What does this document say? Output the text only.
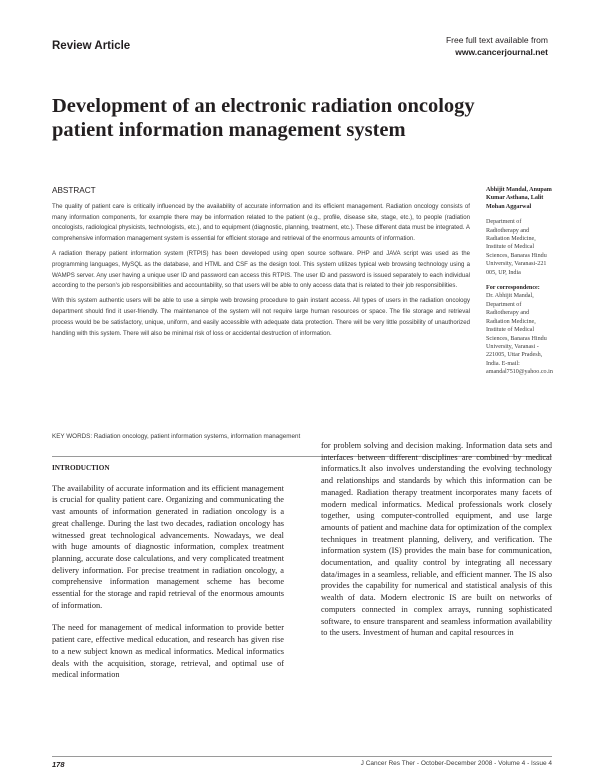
Review Article	Free full text available from
www.cancerjournal.net
Development of an electronic radiation oncology patient information management system
ABSTRACT

The quality of patient care is critically influenced by the availability of accurate information and its efficient management. Radiation oncology consists of many information components, for example there may be information related to the patient (e.g., profile, disease site, stage, etc.), to people (radiation oncologists, radiological physicists, technologists, etc.), and to equipment (diagnostic, planning, treatment, etc.). These different data must be integrated. A comprehensive information management system is essential for efficient storage and retrieval of the enormous amounts of information.

A radiation therapy patient information system (RTPIS) has been developed using open source software. PHP and JAVA script was used as the programming languages, MySQL as the database, and HTML and CSF as the design tool. This system utilizes typical web browsing technology using a WAMPS server. Any user having a unique user ID and password can access this RTPIS. The user ID and password is issued separately to each individual according to the person's job responsibilities and accountability, so that users will be able to only access data that is related to their job responsibilities.

With this system authentic users will be able to use a simple web browsing procedure to gain instant access. All types of users in the radiation oncology department should find it user-friendly. The maintenance of the system will not require large human resources or space. The file storage and retrieval process would be be satisfactory, unique, uniform, and easily accessible with adequate data protection. There will be very little possibility of unauthorized handling with this system. There will also be minimal risk of loss or accidental destruction of information.

Abhijit Mandal, Anupam Kumar Asthana, Lalit Mohan Aggarwal
Department of Radiotherapy and Radiation Medicine, Institute of Medical Sciences, Banaras Hindu University, Varanasi-221 005, UP, India
For correspondence:
Dr. Abhijit Mandal, Department of Radiotherapy and Radiation Medicine, Institute of Medical Sciences, Banaras Hindu University, Varanasi - 221005, Uttar Pradesh, India. E-mail: amandal7510@yahoo.co.in
KEY WORDS: Radiation oncology, patient information systems, information management
INTRODUCTION

The availability of accurate information and its efficient management is crucial for quality patient care. Organizing and communicating the vast amounts of information generated in radiation oncology is a great challenge. During the last two decades, radiation oncology has witnessed great technological advancements. Nowadays, we deal with huge amounts of diagnostic information, complex treatment planning, accurate dose calculations, and very complicated treatment delivery information. For precise treatment in radiation oncology, a comprehensive information management scheme has become essential for the storage and rapid retrieval of the enormous amounts of information.

The need for management of medical information to provide better patient care, effective medical education, and research has given rise to a new subject known as medical informatics. Medical informatics deals with the acquisition, storage, retrieval, and optimal use of medical information

for problem solving and decision making. Information data sets and interfaces between different disciplines are combined by medical informatics.It also involves understanding the evolving technology and relationships and standards by which this information can be managed. Radiation therapy treatment incorporates many facets of modern medical informatics. Medical professionals work closely together, using computer-controlled equipment, and use large amounts of patient and machine data for optimization of the complex techniques in treatment planning, delivery, and verification. The information system (IS) provides the main base for communication, documentation, and quality control by integrating all necessary data/images in a seamless, reliable, and efficient manner. The IS also provides the capability for numerical and statistical analysis of this wealth of data. Modern electronic IS are built on networks of computers connected in complex arrays, running sophisticated software, to ensure transparent and seamless information availability to the users. Investment of human and capital resources in

178	J Cancer Res Ther - October-December 2008 - Volume 4 - Issue 4
